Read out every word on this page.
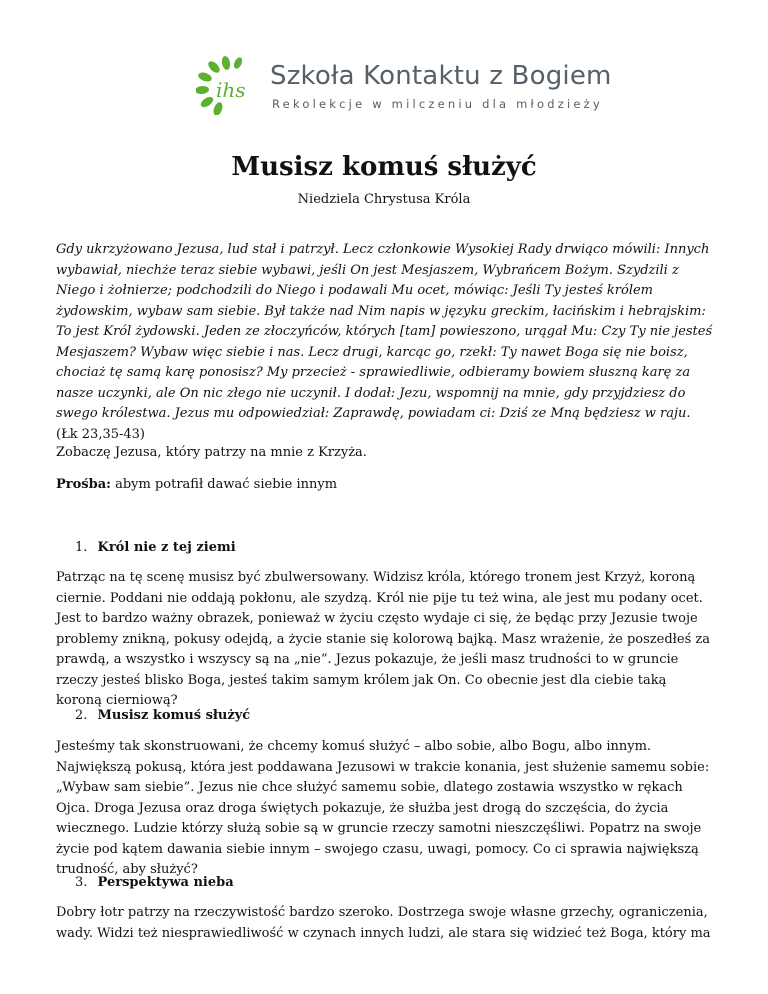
ihs Szkoła Kontaktu z Bogiem
Rekolekcje w milczeniu dla młodzieży
Musisz komuś służyć
Niedziela Chrystusa Króla

Gdy ukrzyżowano Jezusa, lud stał i patrzył. Lecz członkowie Wysokiej Rady drwiąco mówili: Innych wybawiał, niechże teraz siebie wybawi, jeśli On jest Mesjaszem, Wybrańcem Bożym. Szydzili z Niego i żołnierze; podchodzili do Niego i podawali Mu ocet, mówiąc: Jeśli Ty jesteś królem żydowskim, wybaw sam siebie. Był także nad Nim napis w języku greckim, łacińskim i hebrajskim: To jest Król żydowski. Jeden ze złoczyńców, których [tam] powieszono, urągał Mu: Czy Ty nie jesteś Mesjaszem? Wybaw więc siebie i nas. Lecz drugi, karcąc go, rzekł: Ty nawet Boga się nie boisz, chociaż tę samą karę ponosisz? My przecież - sprawiedliwie, odbieramy bowiem słuszną karę za nasze uczynki, ale On nic złego nie uczynił. I dodał: Jezu, wspomnij na mnie, gdy przyjdziesz do swego królestwa. Jezus mu odpowiedział: Zaprawdę, powiadam ci: Dziś ze Mną będziesz w raju. (Łk 23,35-43)

Zobaczę Jezusa, który patrzy na mnie z Krzyża.

Prośba: abym potrafił dawać siebie innym

1. Król nie z tej ziemi

Patrząc na tę scenę musisz być zbulwersowany. Widzisz króla, którego tronem jest Krzyż, koroną ciernie. Poddani nie oddają pokłonu, ale szydzą. Król nie pije tu też wina, ale jest mu podany ocet. Jest to bardzo ważny obrazek, ponieważ w życiu często wydaje ci się, że będąc przy Jezusie twoje problemy znikną, pokusy odejdą, a życie stanie się kolorową bajką. Masz wrażenie, że poszedłeś za prawdą, a wszystko i wszyscy są na „nie”. Jezus pokazuje, że jeśli masz trudności to w gruncie rzeczy jesteś blisko Boga, jesteś takim samym królem jak On. Co obecnie jest dla ciebie taką koroną cierniową?

2. Musisz komuś służyć

Jesteśmy tak skonstruowani, że chcemy komuś służyć – albo sobie, albo Bogu, albo innym. Największą pokusą, która jest poddawana Jezusowi w trakcie konania, jest służenie samemu sobie: „Wybaw sam siebie”. Jezus nie chce służyć samemu sobie, dlatego zostawia wszystko w rękach Ojca. Droga Jezusa oraz droga świętych pokazuje, że służba jest drogą do szczęścia, do życia wiecznego. Ludzie którzy służą sobie są w gruncie rzeczy samotni nieszczęśliwi. Popatrz na swoje życie pod kątem dawania siebie innym – swojego czasu, uwagi, pomocy. Co ci sprawia największą trudność, aby służyć?

3. Perspektywa nieba

Dobry łotr patrzy na rzeczywistość bardzo szeroko. Dostrzega swoje własne grzechy, ograniczenia, wady. Widzi też niesprawiedliwość w czynach innych ludzi, ale stara się widzieć też Boga, który ma
